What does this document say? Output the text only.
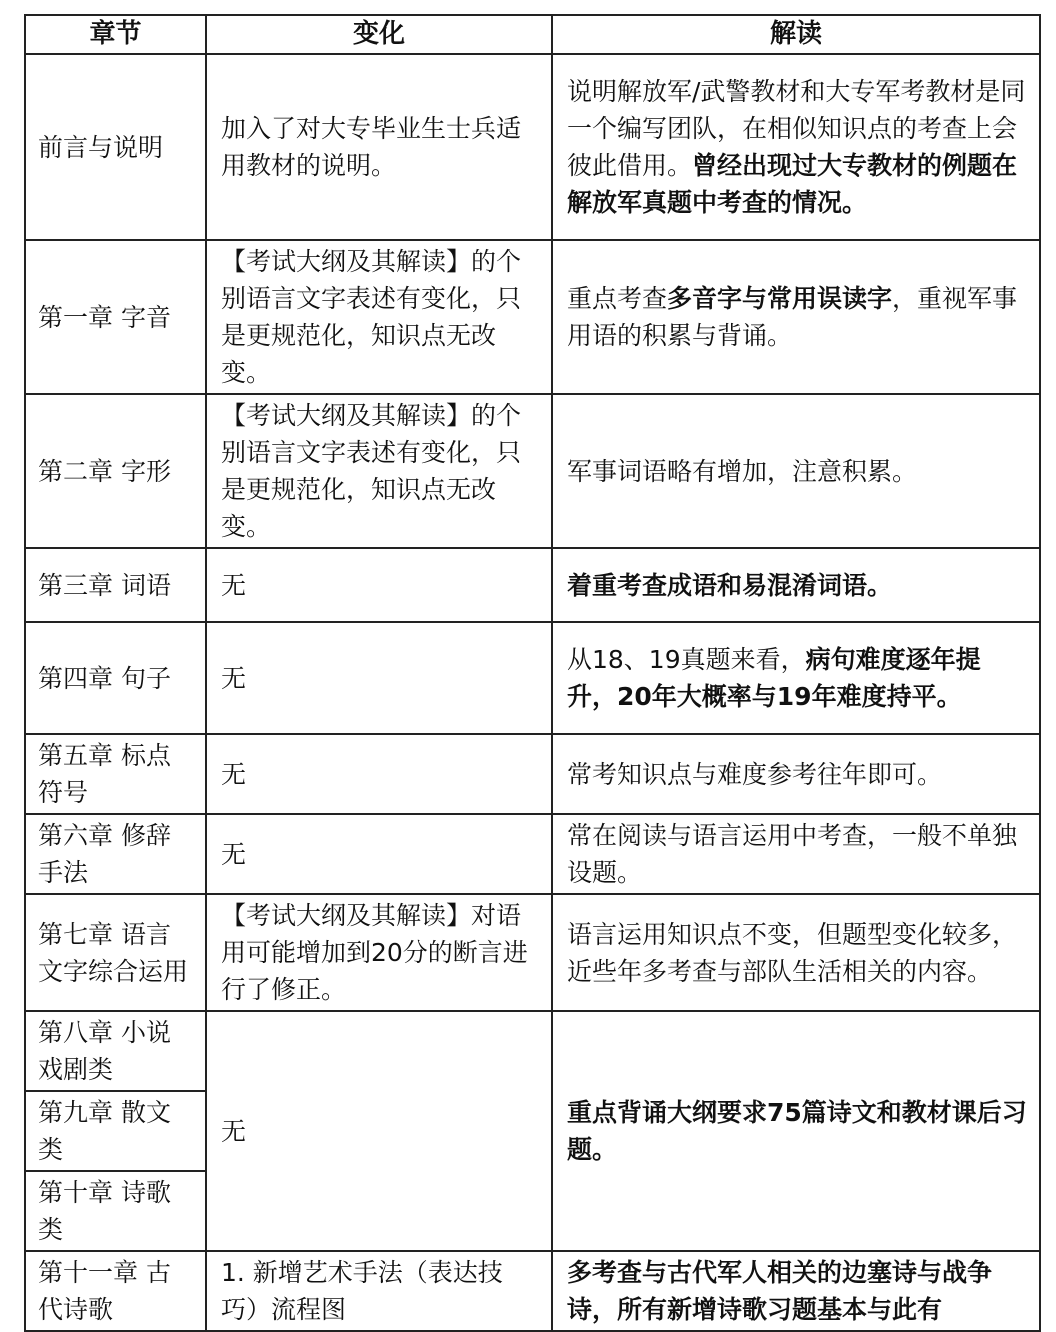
章节	变化	解读
前言与说明	加入了对大专毕业生士兵适用教材的说明。	说明解放军/武警教材和大专军考教材是同一个编写团队，在相似知识点的考查上会彼此借用。曾经出现过大专教材的例题在解放军真题中考查的情况。
第一章 字音	【考试大纲及其解读】的个别语言文字表述有变化，只是更规范化，知识点无改变。	重点考查多音字与常用误读字，重视军事用语的积累与背诵。
第二章 字形	【考试大纲及其解读】的个别语言文字表述有变化，只是更规范化，知识点无改变。	军事词语略有增加，注意积累。
第三章 词语	无	着重考查成语和易混淆词语。
第四章 句子	无	从18、19真题来看，病句难度逐年提升，20年大概率与19年难度持平。
第五章 标点符号	无	常考知识点与难度参考往年即可。
第六章 修辞手法	无	常在阅读与语言运用中考查，一般不单独设题。
第七章 语言文字综合运用	【考试大纲及其解读】对语用可能增加到20分的断言进行了修正。	语言运用知识点不变，但题型变化较多，近些年多考查与部队生活相关的内容。
第八章 小说戏剧类	无	重点背诵大纲要求75篇诗文和教材课后习题。
第九章 散文类		
第十章 诗歌类		
第十一章 古代诗歌	1. 新增艺术手法（表达技巧）流程图	多考查与古代军人相关的边塞诗与战争诗，所有新增诗歌习题基本与此有
